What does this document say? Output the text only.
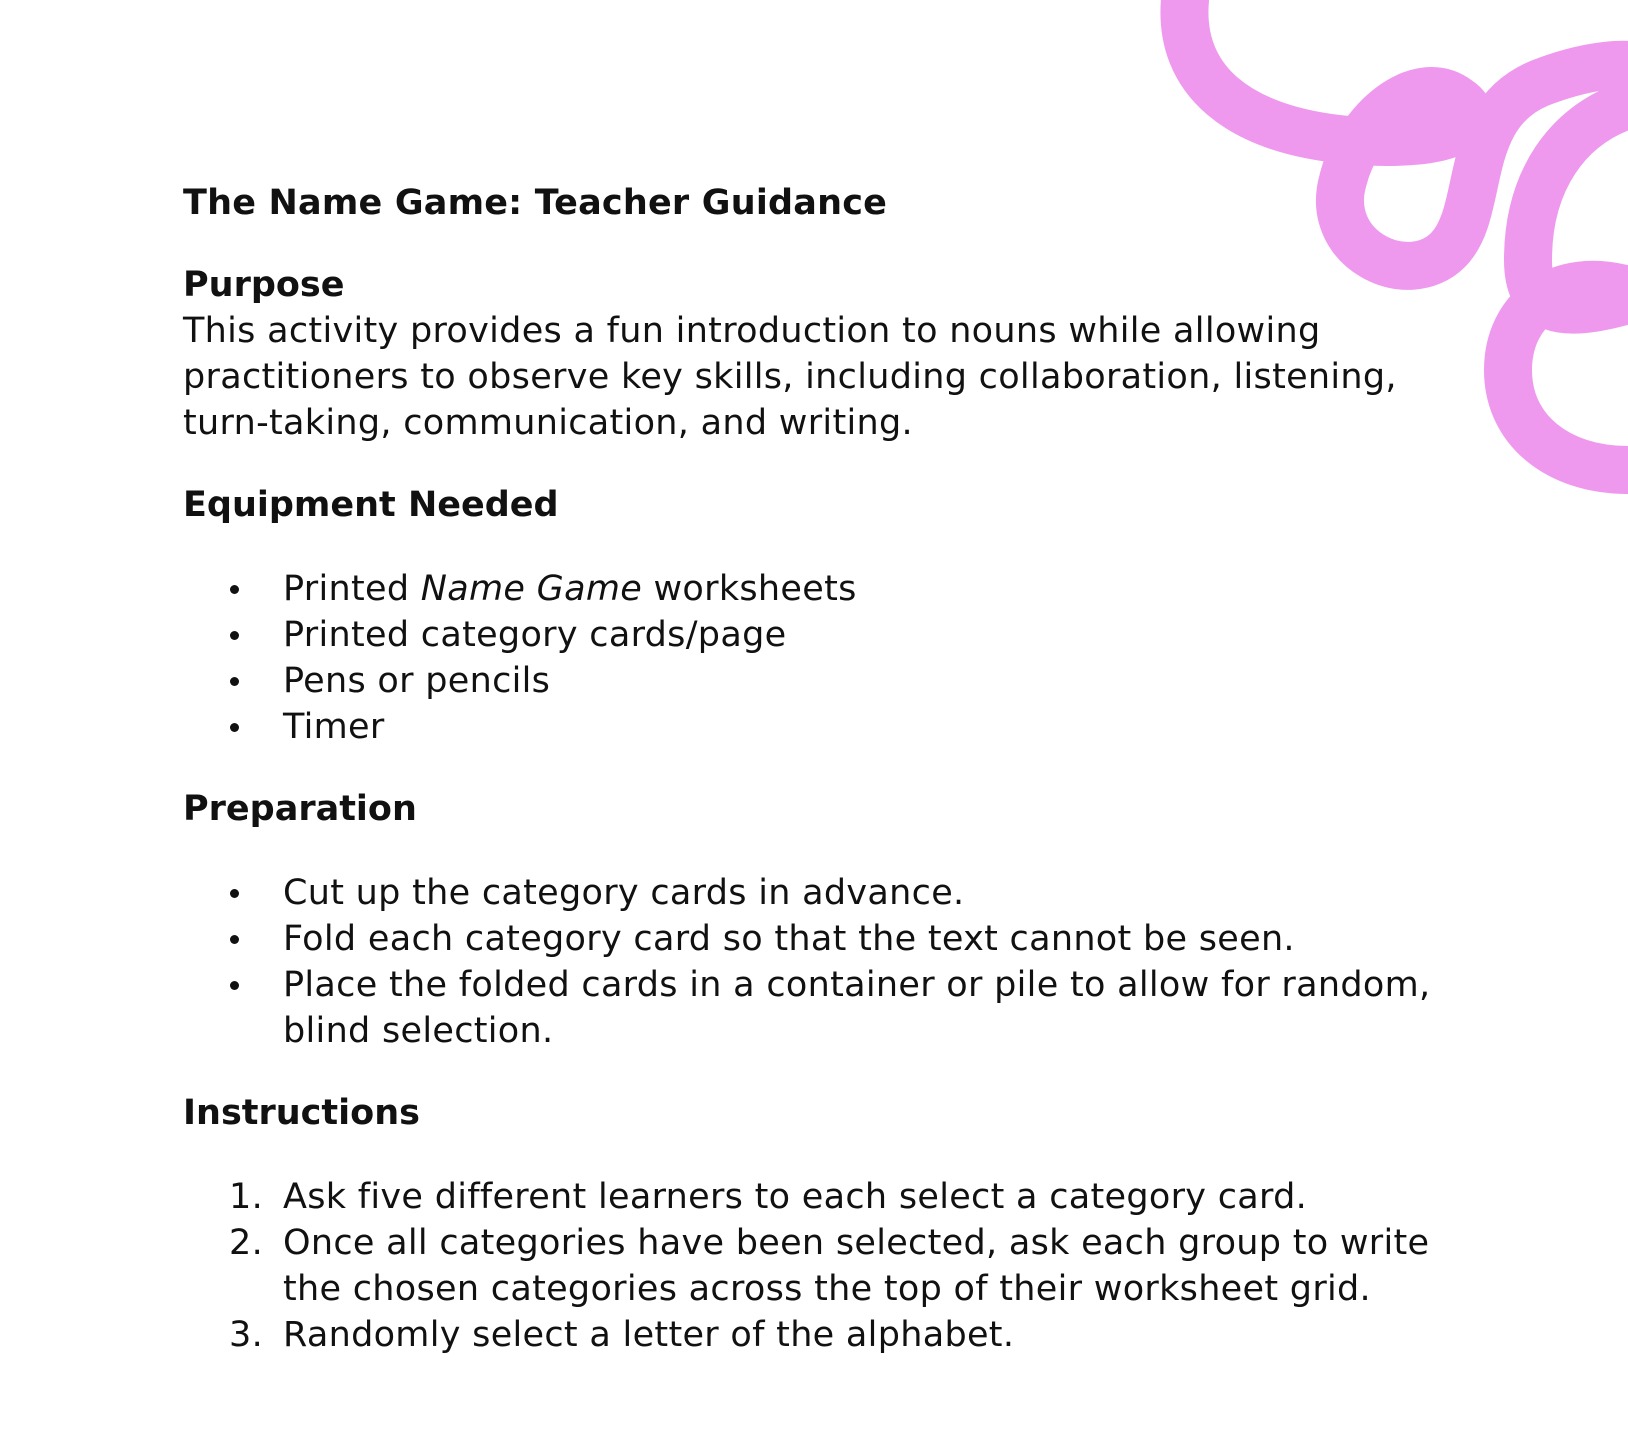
The Name Game: Teacher Guidance
Purpose

This activity provides a fun introduction to nouns while allowing practitioners to observe key skills, including collaboration, listening, turn-taking, communication, and writing.

Equipment Needed
Printed Name Game worksheets
Printed category cards/page
Pens or pencils
Timer
Preparation
Cut up the category cards in advance.
Fold each category card so that the text cannot be seen.
Place the folded cards in a container or pile to allow for random, blind selection.
Instructions
1. Ask five different learners to each select a category card.
2. Once all categories have been selected, ask each group to write the chosen categories across the top of their worksheet grid.
3. Randomly select a letter of the alphabet.
